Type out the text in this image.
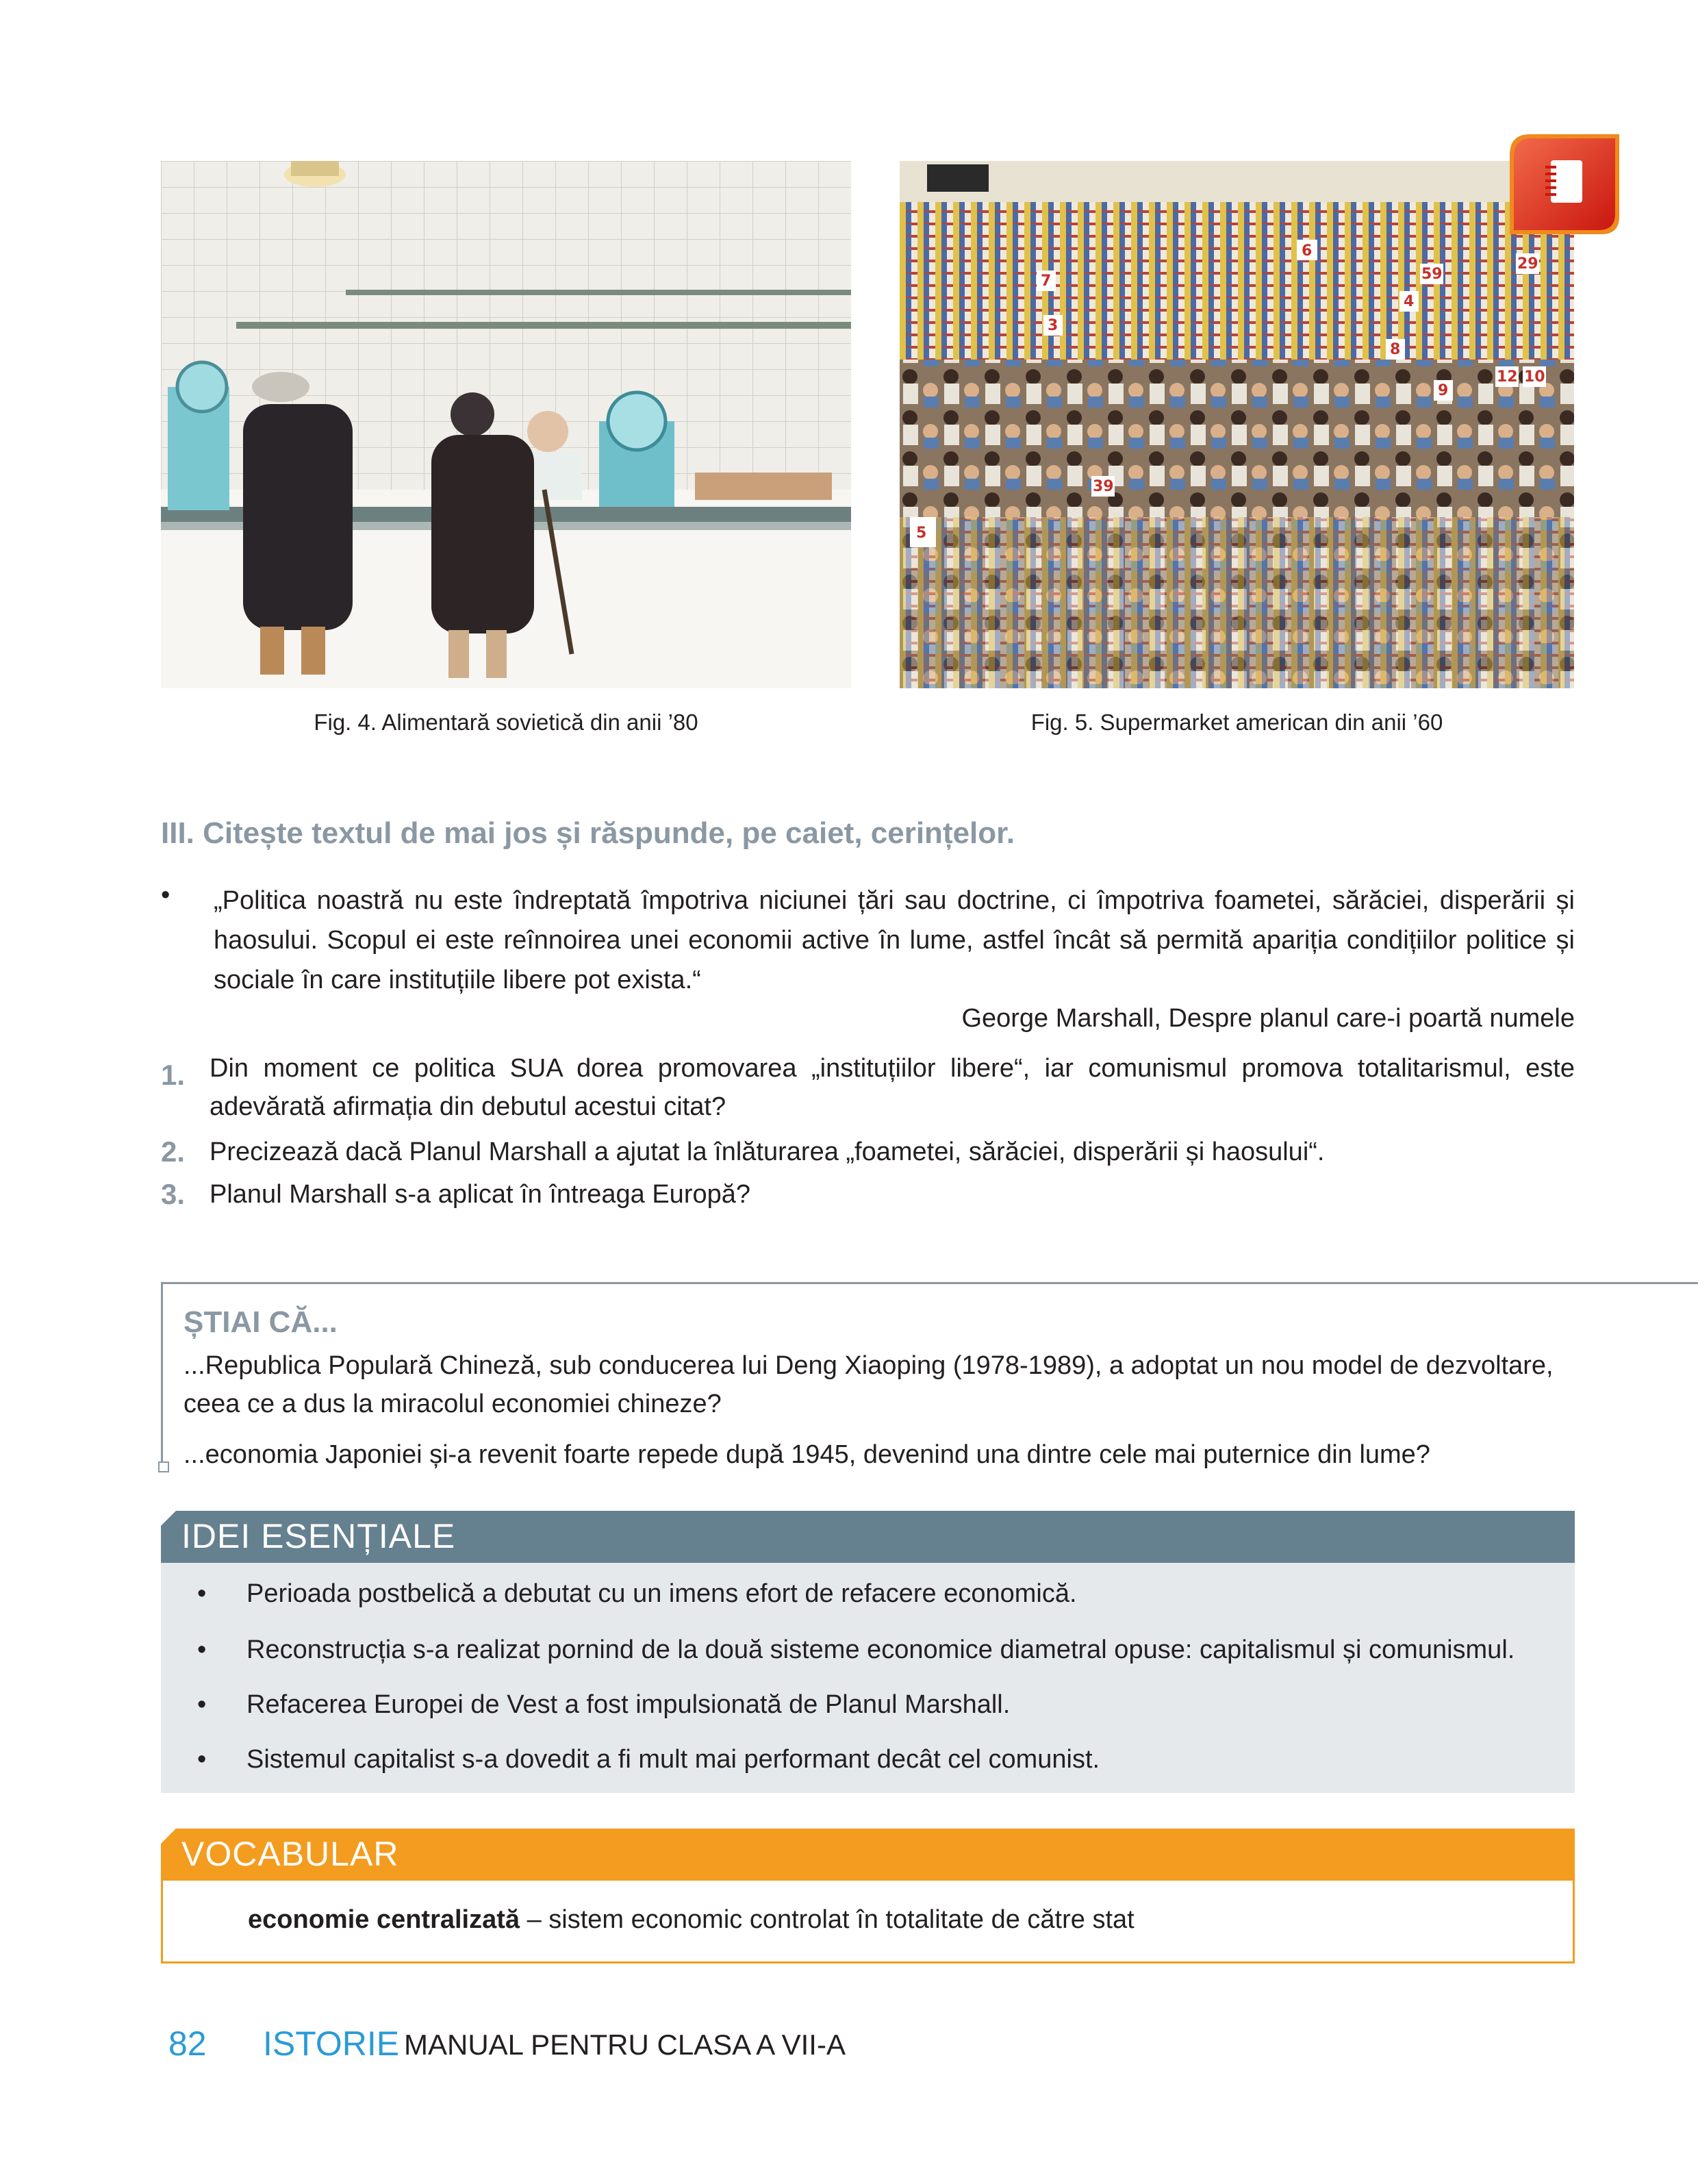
6
5
7
3
4
9
8
12 10
59
29
39
Fig. 4. Alimentară sovietică din anii ’80	Fig. 5. Supermarket american din anii ’60
III. Citește textul de mai jos și răspunde, pe caiet, cerințelor.
• „Politica noastră nu este îndreptată împotriva niciunei țări sau doctrine, ci împotriva foametei, sărăciei, disperării și haosului. Scopul ei este reînnoirea unei economii active în lume, astfel încât să permită apariția condițiilor politice și sociale în care instituțiile libere pot exista.“
George Marshall, Despre planul care-i poartă numele
1. Din moment ce politica SUA dorea promovarea „instituțiilor libere“, iar comunismul promova totalitarismul, este adevărată afirmația din debutul acestui citat?
2. Precizează dacă Planul Marshall a ajutat la înlăturarea „foametei, sărăciei, disperării și haosului“.
3. Planul Marshall s-a aplicat în întreaga Europă?
ȘTIAI CĂ...
...Republica Populară Chineză, sub conducerea lui Deng Xiaoping (1978-1989), a adoptat un nou model de dezvoltare, ceea ce a dus la miracolul economiei chineze?
...economia Japoniei și-a revenit foarte repede după 1945, devenind una dintre cele mai puternice din lume?
IDEI ESENȚIALE
• Perioada postbelică a debutat cu un imens efort de refacere economică.
• Reconstrucția s-a realizat pornind de la două sisteme economice diametral opuse: capitalismul și comunismul.
• Refacerea Europei de Vest a fost impulsionată de Planul Marshall.
• Sistemul capitalist s-a dovedit a fi mult mai performant decât cel comunist.
VOCABULAR
economie centralizată – sistem economic controlat în totalitate de către stat
82 ISTORIE MANUAL PENTRU CLASA A VII-A
